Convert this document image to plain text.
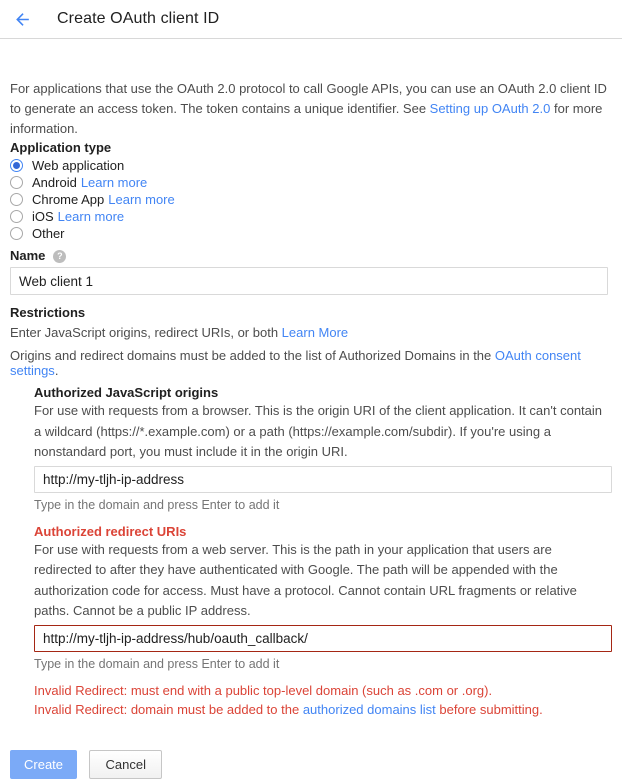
Create OAuth client ID

For applications that use the OAuth 2.0 protocol to call Google APIs, you can use an OAuth 2.0 client ID to generate an access token. The token contains a unique identifier. See Setting up OAuth 2.0 for more information.

Application type
Web application
Android Learn more
Chrome App Learn more
iOS Learn more
Other
Name	?
Web client 1
Restrictions

Enter JavaScript origins, redirect URIs, or both Learn More

Origins and redirect domains must be added to the list of Authorized Domains in the OAuth consent settings.

Authorized JavaScript origins

For use with requests from a browser. This is the origin URI of the client application. It can't contain a wildcard (https://*.example.com) or a path (https://example.com/subdir). If you're using a nonstandard port, you must include it in the origin URI.

http://my-tljh-ip-address
Type in the domain and press Enter to add it
Authorized redirect URIs

For use with requests from a web server. This is the path in your application that users are redirected to after they have authenticated with Google. The path will be appended with the authorization code for access. Must have a protocol. Cannot contain URL fragments or relative paths. Cannot be a public IP address.

http://my-tljh-ip-address/hub/oauth_callback/
Type in the domain and press Enter to add it
Invalid Redirect: must end with a public top-level domain (such as .com or .org).
Invalid Redirect: domain must be added to the authorized domains list before submitting.
Create	Cancel
